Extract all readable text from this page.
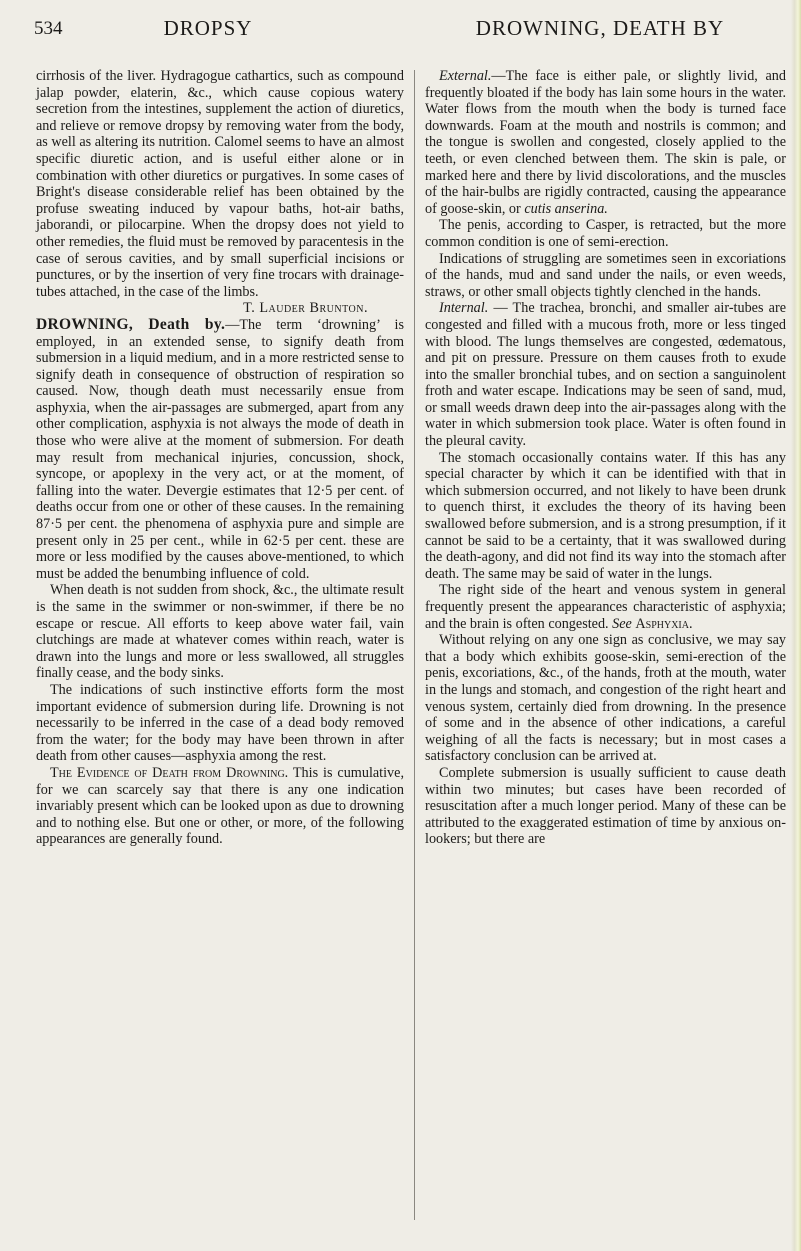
534	DROPSY	DROWNING, DEATH BY

cirrhosis of the liver. Hydragogue cathartics, such as compound jalap powder, elaterin, &c., which cause copious watery secretion from the intestines, supplement the action of diuretics, and relieve or remove dropsy by removing water from the body, as well as altering its nutrition. Calomel seems to have an almost specific diuretic action, and is useful either alone or in combination with other diuretics or purgatives. In some cases of Bright's disease considerable relief has been obtained by the profuse sweating induced by vapour baths, hot-air baths, jaborandi, or pilocarpine. When the dropsy does not yield to other remedies, the fluid must be removed by paracentesis in the case of serous cavities, and by small superficial incisions or punctures, or by the insertion of very fine trocars with drainage-tubes attached, in the case of the limbs.

T. Lauder Brunton.

DROWNING, Death by.—The term ‘drowning’ is employed, in an extended sense, to signify death from submersion in a liquid medium, and in a more restricted sense to signify death in consequence of obstruction of respiration so caused. Now, though death must necessarily ensue from asphyxia, when the air-passages are submerged, apart from any other complication, asphyxia is not always the mode of death in those who were alive at the moment of submersion. For death may result from mechanical injuries, concussion, shock, syncope, or apoplexy in the very act, or at the moment, of falling into the water. Devergie estimates that 12·5 per cent. of deaths occur from one or other of these causes. In the remaining 87·5 per cent. the phenomena of asphyxia pure and simple are present only in 25 per cent., while in 62·5 per cent. these are more or less modified by the causes above-mentioned, to which must be added the benumbing influence of cold.

When death is not sudden from shock, &c., the ultimate result is the same in the swimmer or non-swimmer, if there be no escape or rescue. All efforts to keep above water fail, vain clutchings are made at whatever comes within reach, water is drawn into the lungs and more or less swallowed, all struggles finally cease, and the body sinks.

The indications of such instinctive efforts form the most important evidence of submersion during life. Drowning is not necessarily to be inferred in the case of a dead body removed from the water; for the body may have been thrown in after death from other causes—asphyxia among the rest.

The Evidence of Death from Drowning. This is cumulative, for we can scarcely say that there is any one indication invariably present which can be looked upon as due to drowning and to nothing else. But one or other, or more, of the following appearances are generally found.

External.—The face is either pale, or slightly livid, and frequently bloated if the body has lain some hours in the water. Water flows from the mouth when the body is turned face downwards. Foam at the mouth and nostrils is common; and the tongue is swollen and congested, closely applied to the teeth, or even clenched between them. The skin is pale, or marked here and there by livid discolorations, and the muscles of the hair-bulbs are rigidly contracted, causing the appearance of goose-skin, or cutis anserina.

The penis, according to Casper, is retracted, but the more common condition is one of semi-erection.

Indications of struggling are sometimes seen in excoriations of the hands, mud and sand under the nails, or even weeds, straws, or other small objects tightly clenched in the hands.

Internal. — The trachea, bronchi, and smaller air-tubes are congested and filled with a mucous froth, more or less tinged with blood. The lungs themselves are congested, œdematous, and pit on pressure. Pressure on them causes froth to exude into the smaller bronchial tubes, and on section a sanguinolent froth and water escape. Indications may be seen of sand, mud, or small weeds drawn deep into the air-passages along with the water in which submersion took place. Water is often found in the pleural cavity.

The stomach occasionally contains water. If this has any special character by which it can be identified with that in which submersion occurred, and not likely to have been drunk to quench thirst, it excludes the theory of its having been swallowed before submersion, and is a strong presumption, if it cannot be said to be a certainty, that it was swallowed during the death-agony, and did not find its way into the stomach after death. The same may be said of water in the lungs.

The right side of the heart and venous system in general frequently present the appearances characteristic of asphyxia; and the brain is often congested. See Asphyxia.

Without relying on any one sign as conclusive, we may say that a body which exhibits goose-skin, semi-erection of the penis, excoriations, &c., of the hands, froth at the mouth, water in the lungs and stomach, and congestion of the right heart and venous system, certainly died from drowning. In the presence of some and in the absence of other indications, a careful weighing of all the facts is necessary; but in most cases a satisfactory conclusion can be arrived at.

Complete submersion is usually sufficient to cause death within two minutes; but cases have been recorded of resuscitation after a much longer period. Many of these can be attributed to the exaggerated estimation of time by anxious on-lookers; but there are
